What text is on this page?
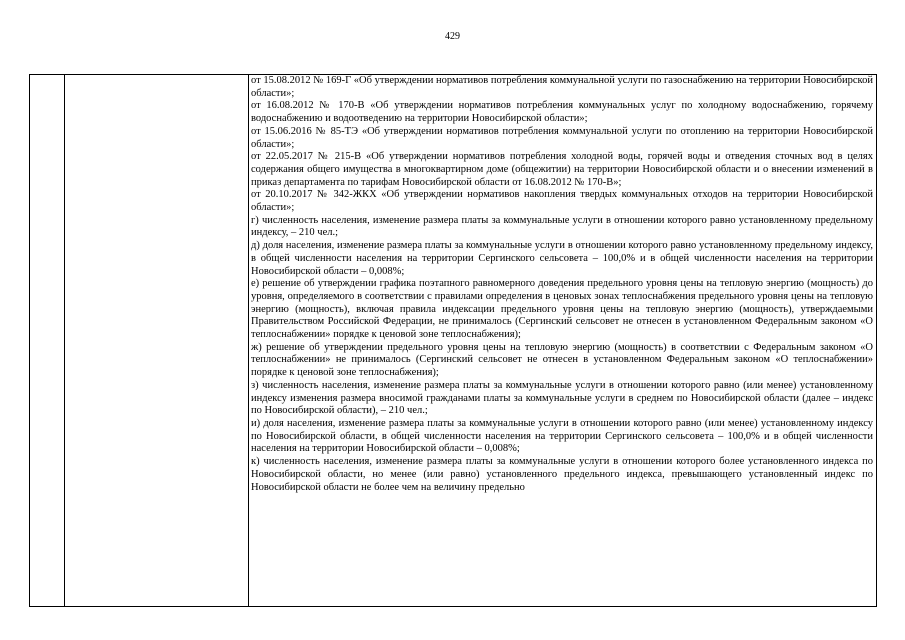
429

от 15.08.2012 № 169-Г «Об утверждении нормативов потребления коммунальной услуги по газоснабжению на территории Новосибирской области»;

от 16.08.2012 № 170-В «Об утверждении нормативов потребления коммунальных услуг по холодному водоснабжению, горячему водоснабжению и водоотведению на территории Новосибирской области»;

от 15.06.2016 № 85-ТЭ «Об утверждении нормативов потребления коммунальной услуги по отоплению на территории Новосибирской области»;

от 22.05.2017 № 215-В «Об утверждении нормативов потребления холодной воды, горячей воды и отведения сточных вод в целях содержания общего имущества в многоквартирном доме (общежитии) на территории Новосибирской области и о внесении изменений в приказ департамента по тарифам Новосибирской области от 16.08.2012 № 170-В»;

от 20.10.2017 № 342-ЖКХ «Об утверждении нормативов накопления твердых коммунальных отходов на территории Новосибирской области»;

г) численность населения, изменение размера платы за коммунальные услуги в отношении которого равно установленному предельному индексу, – 210 чел.;

д) доля населения, изменение размера платы за коммунальные услуги в отношении которого равно установленному предельному индексу, в общей численности населения на территории Сергинского сельсовета – 100,0% и в общей численности населения на территории Новосибирской области – 0,008%;

е) решение об утверждении графика поэтапного равномерного доведения предельного уровня цены на тепловую энергию (мощность) до уровня, определяемого в соответствии с правилами определения в ценовых зонах теплоснабжения предельного уровня цены на тепловую энергию (мощность), включая правила индексации предельного уровня цены на тепловую энергию (мощность), утверждаемыми Правительством Российской Федерации, не принималось (Сергинский сельсовет не отнесен в установленном Федеральным законом «О теплоснабжении» порядке к ценовой зоне теплоснабжения);

ж) решение об утверждении предельного уровня цены на тепловую энергию (мощность) в соответствии с Федеральным законом «О теплоснабжении» не принималось (Сергинский сельсовет не отнесен в установленном Федеральным законом «О теплоснабжении» порядке к ценовой зоне теплоснабжения);

з) численность населения, изменение размера платы за коммунальные услуги в отношении которого равно (или менее) установленному индексу изменения размера вносимой гражданами платы за коммунальные услуги в среднем по Новосибирской области (далее – индекс по Новосибирской области), – 210 чел.;

и) доля населения, изменение размера платы за коммунальные услуги в отношении которого равно (или менее) установленному индексу по Новосибирской области, в общей численности населения на территории Сергинского сельсовета – 100,0% и в общей численности населения на территории Новосибирской области – 0,008%;

к) численность населения, изменение размера платы за коммунальные услуги в отношении которого более установленного индекса по Новосибирской области, но менее (или равно) установленного предельного индекса, превышающего установленный индекс по Новосибирской области не более чем на величину предельно
